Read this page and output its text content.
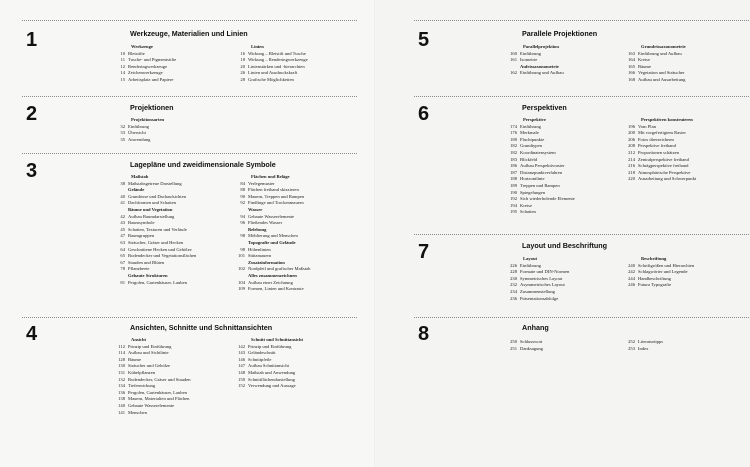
1	Werkzeuge, Materialien und Linien
Werkzeuge
10 Bleistifte
11 Tusche- und Pigmentstifte
12 Renderingwerkzeuge
14 Zeichenwerkzeuge
15 Arbeitsplatz und Papiere
Linien
16 Wirkung – Bleistift und Tusche
18 Wirkung – Renderingwerkzeuge
20 Linienstärken und -hierarchien
26 Linien und Ausdruckskraft
28 Grafische Möglichkeiten
2	Projektionen
Projektionsarten
32 Einführung
33 Übersicht
35 Anwendung
3	Lagepläne und zweidimensionale Symbole
Maßstab
38 Maßstabsgetreue Darstellung
Gelände
40 Grundrisse und Dachaufsichten
41 Dachformen und Schatten
Bäume und Vegetation
42 Aufbau Baumdarstellung
43 Baumsymbole
45 Schatten, Texturen und Verläufe
47 Baumgruppen
63 Sträucher, Gräser und Hecken
64 Geschnittene Hecken und Gehölze
65 Bodendecker und Vegetationsflächen
67 Stauden und Blüten
78 Pflanzbeete
Gebaute Strukturen
81 Pergolen, Gartenhäuser, Lauben
Flächen und Beläge
84 Verlegemuster
88 Flächen freihand skizzieren
90 Mauern, Treppen und Rampen
92 Findlinge und Trockenmauern
Wasser
94 Gebaute Wasserelemente
96 Fließendes Wasser
Belebung
98 Möblierung und Menschen
Topografie und Gelände
98 Höhenlinien
101 Stützmauern
Zusatzinformation
102 Nordpfeil und grafischer Maßstab
Alles zusammenzeichnen
104 Aufbau einer Zeichnung
109 Formen, Linien und Kontraste
4	Ansichten, Schnitte und Schnittansichten
Ansicht
112 Prinzip und Einführung
114 Aufbau und Sichtlinie
128 Bäume
130 Sträucher und Gehölze
131 Kübelpflanzen
132 Bodendecker, Gräser und Stauden
134 Tiefenwirkung
136 Pergolen, Gartenhäuser, Lauben
138 Mauern, Materialien und Flächen
140 Gebaute Wasserelemente
141 Menschen
Schnitt und Schnittansicht
142 Prinzip und Einführung
143 Geländeschnitt
146 Schnittpfeile
147 Aufbau Schnittansicht
148 Maßstab und Anwendung
150 Schnittflächendarstellung
152 Verwendung und Aussage
5	Parallele Projektionen
Parallelprojektion
160 Einführung
161 Isometrie
Aufrissaxonometrie
162 Einführung und Aufbau
Grundrissaxonometrie
163 Einführung und Aufbau
164 Kreise
165 Bäume
166 Vegetation und Sträucher
168 Aufbau und Ausarbeitung
6	Perspektiven
Perspektive
174 Einführung
176 Merkmale
180 Fluchtpunkte
182 Grundtypen
182 Koordinatensystem
183 Blickfeld
186 Aufbau Perspektivraster
187 Distanzpunktverfahren
188 Horizontlinie
189 Treppen und Rampen
190 Spiegelungen
192 Sich wiederholende Elemente
194 Kreise
195 Schatten
Perspektiven konstruieren
196 Vom Plan
200 Mit vorgefertigtem Raster
206 Fotos überzeichnen
208 Perspektive freihand
212 Proportionen schätzen
214 Zentralperspektive freihand
216 Schrägperspektive freihand
218 Atmosphärische Perspektive
220 Ausarbeitung und Schwerpunkt
7	Layout und Beschriftung
Layout
226 Einführung
228 Formate und DIN-Normen
230 Symmetrisches Layout
232 Asymmetrisches Layout
234 Zusammenstellung
236 Präsentationsabfolge
Beschriftung
240 Schriftgrößen und Hierarchien
242 Schlagwörter und Legende
244 Handbeschriftung
246 Futura Typografie
8	Anhang
250 Schlusswort
251 Danksagung
252 Literaturtipps
253 Index
